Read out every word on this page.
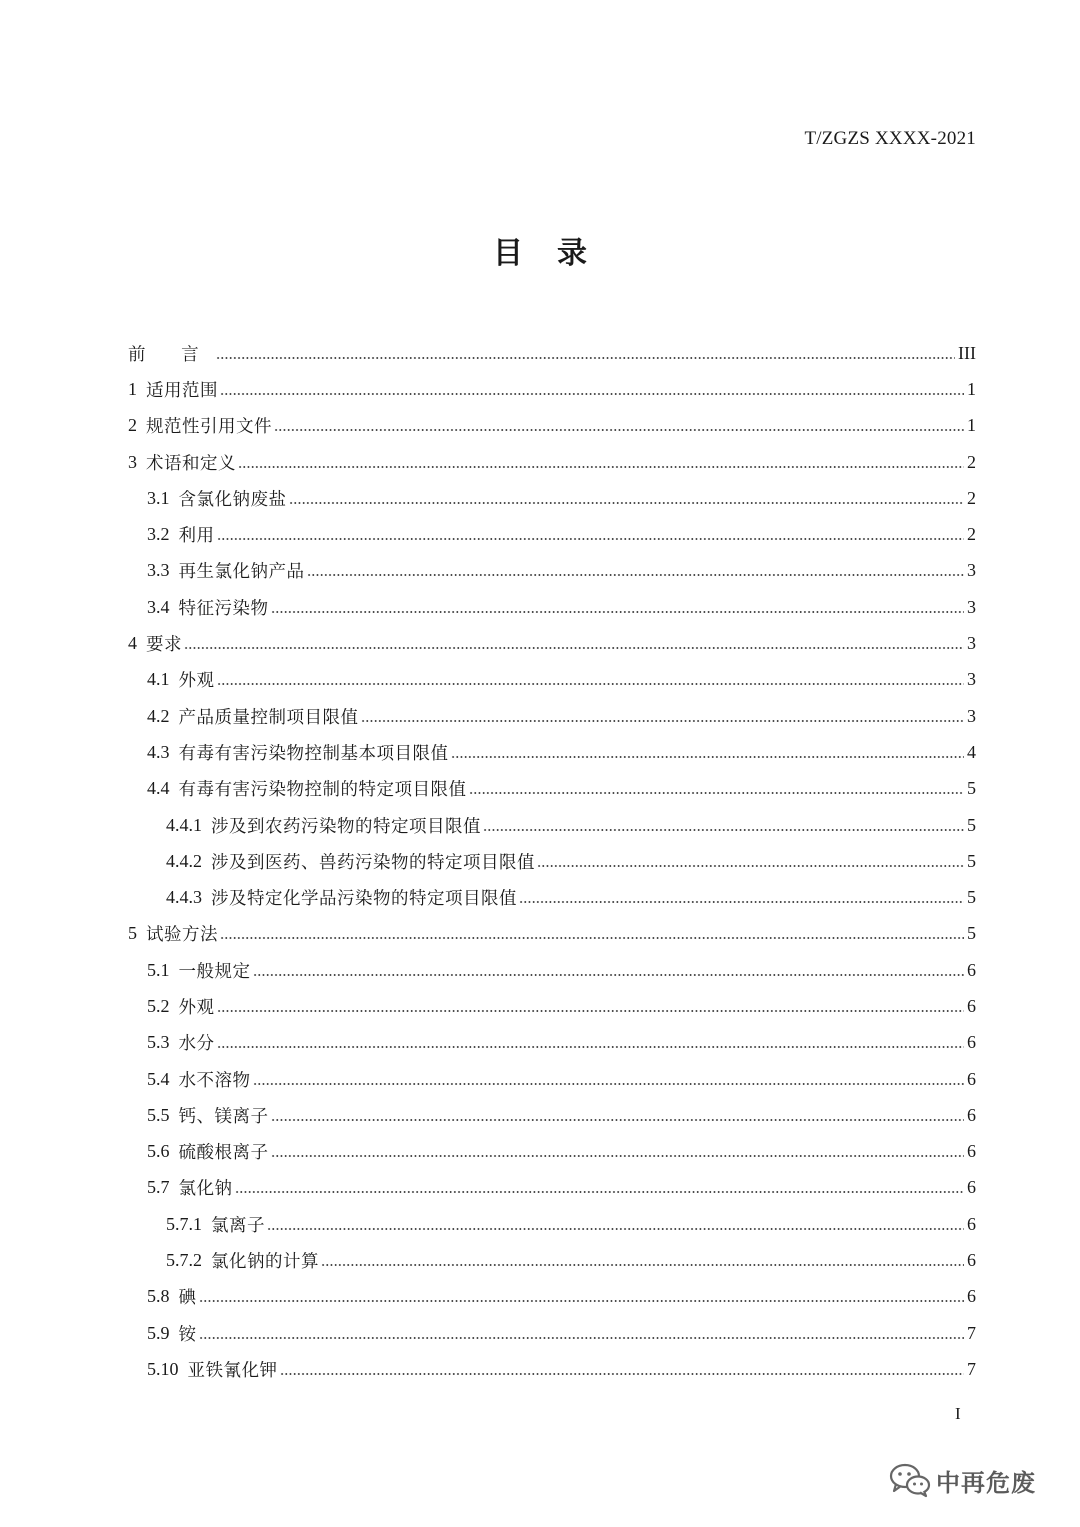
T/ZGZS XXXX-2021
目 录
前 言	III
1 适用范围	1
2 规范性引用文件	1
3 术语和定义	2
3.1 含氯化钠废盐	2
3.2 利用	2
3.3 再生氯化钠产品	3
3.4 特征污染物	3
4 要求	3
4.1 外观	3
4.2 产品质量控制项目限值	3
4.3 有毒有害污染物控制基本项目限值	4
4.4 有毒有害污染物控制的特定项目限值	5
4.4.1 涉及到农药污染物的特定项目限值	5
4.4.2 涉及到医药、兽药污染物的特定项目限值	5
4.4.3 涉及特定化学品污染物的特定项目限值	5
5 试验方法	5
5.1 一般规定	6
5.2 外观	6
5.3 水分	6
5.4 水不溶物	6
5.5 钙、镁离子	6
5.6 硫酸根离子	6
5.7 氯化钠	6
5.7.1 氯离子	6
5.7.2 氯化钠的计算	6
5.8 碘	6
5.9 铵	7
5.10 亚铁氰化钾	7
I
中再危废
